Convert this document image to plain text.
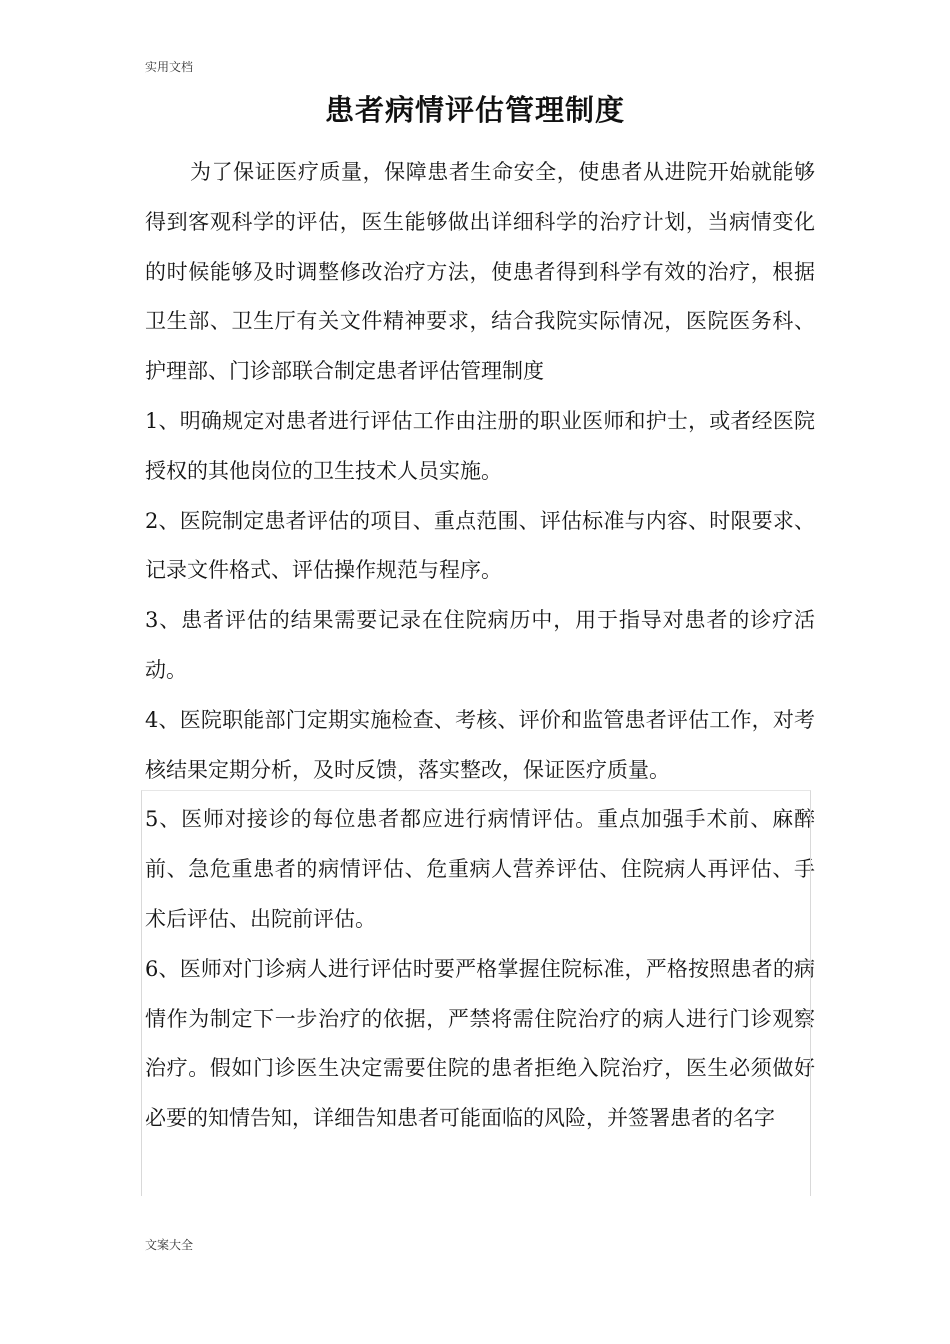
实用文档
患者病情评估管理制度

为了保证医疗质量，保障患者生命安全，使患者从进院开始就能够得到客观科学的评估，医生能够做出详细科学的治疗计划，当病情变化的时候能够及时调整修改治疗方法，使患者得到科学有效的治疗，根据卫生部、卫生厅有关文件精神要求，结合我院实际情况，医院医务科、护理部、门诊部联合制定患者评估管理制度

1、明确规定对患者进行评估工作由注册的职业医师和护士，或者经医院授权的其他岗位的卫生技术人员实施。

2、医院制定患者评估的项目、重点范围、评估标准与内容、时限要求、记录文件格式、评估操作规范与程序。

3、患者评估的结果需要记录在住院病历中，用于指导对患者的诊疗活动。

4、医院职能部门定期实施检查、考核、评价和监管患者评估工作，对考核结果定期分析，及时反馈，落实整改，保证医疗质量。

5、医师对接诊的每位患者都应进行病情评估。重点加强手术前、麻醉前、急危重患者的病情评估、危重病人营养评估、住院病人再评估、手术后评估、出院前评估。

6、医师对门诊病人进行评估时要严格掌握住院标准，严格按照患者的病情作为制定下一步治疗的依据，严禁将需住院治疗的病人进行门诊观察治疗。假如门诊医生决定需要住院的患者拒绝入院治疗，医生必须做好必要的知情告知，详细告知患者可能面临的风险，并签署患者的名字

文案大全
